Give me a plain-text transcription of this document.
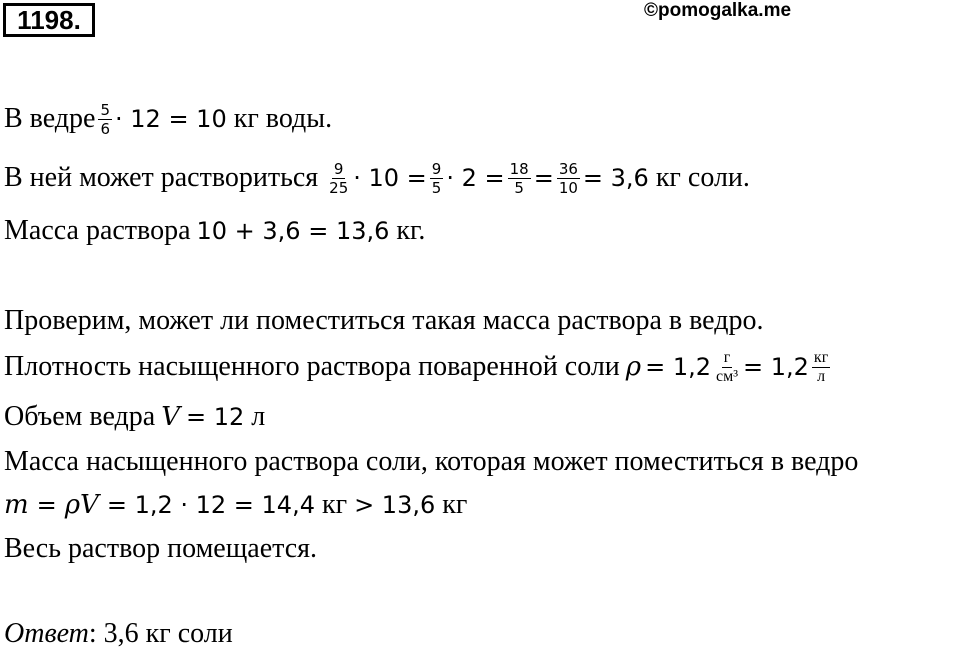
1198.	©pomogalka.me
В ведре $\frac{5}{6} \cdot 12 = 10$ кг воды.
В ней может раствориться $\frac{9}{25} \cdot 10 = \frac{9}{5} \cdot 2 = \frac{18}{5} = \frac{36}{10} = 3,6$ кг соли.
Масса раствора 10 + 3,6 = 13,6 кг.
Проверим, может ли поместиться такая масса раствора в ведро.
Плотность насыщенного раствора поваренной соли $\rho = 1,2 \frac{г}{\text{см³}} = 1,2 \frac{кг}{л}$
Объем ведра V = 12 л
Масса насыщенного раствора соли, которая может поместиться в ведро
m = ρV = 1,2 · 12 = 14,4 кг > 13,6 кг
Весь раствор помещается.
Ответ : 3,6 кг соли
